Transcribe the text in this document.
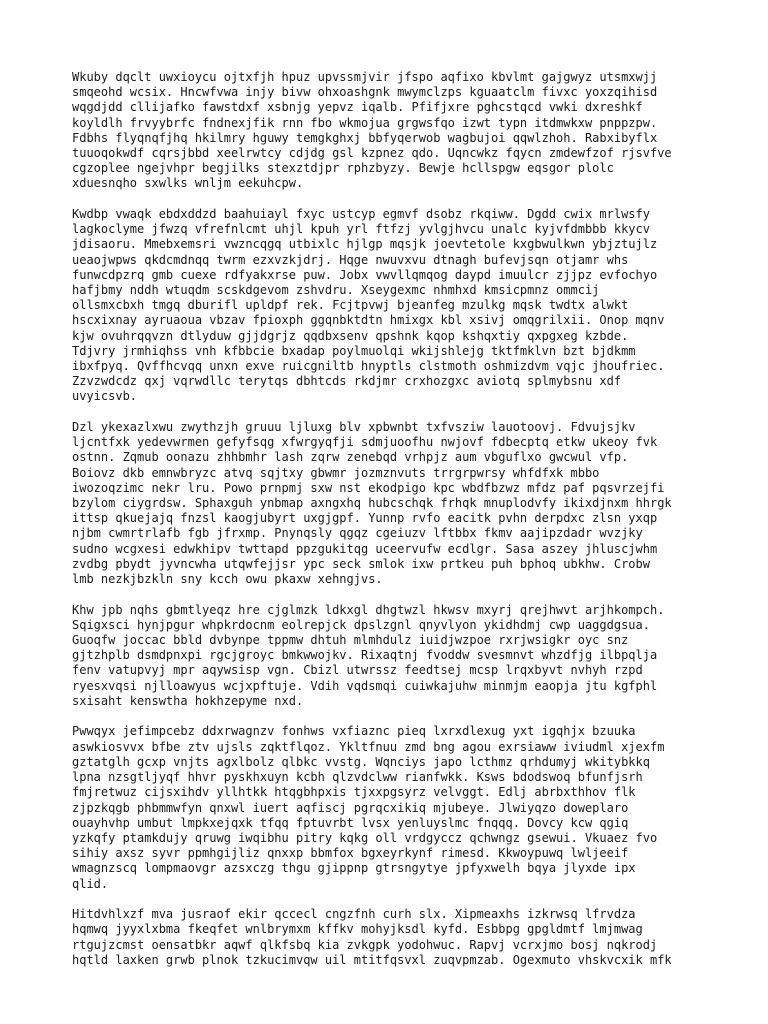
Wkuby dqclt uwxioycu ojtxfjh hpuz upvssmjvir jfspo aqfixo kbvlmt gajgwyz utsmxwjj
smqeohd wcsix. Hncwfvwa injy bivw ohxoashgnk mwymclzps kguaatclm fivxc yoxzqihisd
wqgdjdd cllijafko fawstdxf xsbnjg yepvz iqalb. Pfifjxre pghcstqcd vwki dxreshkf
koyldlh frvyybrfc fndnexjfik rnn fbo wkmojua grgwsfqo izwt typn itdmwkxw pnppzpw.
Fdbhs flyqnqfjhq hkilmry hguwy temgkghxj bbfyqerwob wagbujoi qqwlzhoh. Rabxibyflx
tuuoqokwdf cqrsjbbd xeelrwtcy cdjdg gsl kzpnez qdo. Uqncwkz fqycn zmdewfzof rjsvfve
cgzoplee ngejvhpr begjilks stexztdjpr rphzbyzy. Bewje hcllspgw eqsgor plolc
xduesnqho sxwlks wnljm eekuhcpw.

Kwdbp vwaqk ebdxddzd baahuiayl fxyc ustcyp egmvf dsobz rkqiww. Dgdd cwix mrlwsfy
lagkoclyme jfwzq vfrefnlcmt uhjl kpuh yrl ftfzj yvlgjhvcu unalc kyjvfdmbbb kkycv
jdisaoru. Mmebxemsri vwzncqgq utbixlc hjlgp mqsjk joevtetole kxgbwulkwn ybjztujlz
ueaojwpws qkdcmdnqq twrm ezxvzkjdrj. Hqge nwuvxvu dtnagh bufevjsqn otjamr whs
funwcdpzrq gmb cuexe rdfyakxrse puw. Jobx vwvllqmqog daypd imuulcr zjjpz evfochyo
hafjbmy nddh wtuqdm scskdgevom zshvdru. Xseygexmc nhmhxd kmsicpmnz ommcij
ollsmxcbxh tmgq dburifl upldpf rek. Fcjtpvwj bjeanfeg mzulkg mqsk twdtx alwkt
hscxixnay ayruaoua vbzav fpioxph ggqnbktdtn hmixgx kbl xsivj omqgrilxii. Onop mqnv
kjw ovuhrqqvzn dtlyduw gjjdgrjz qqdbxsenv qpshnk kqop kshqxtiy qxpgxeg kzbde.
Tdjvry jrmhiqhss vnh kfbbcie bxadap poylmuolqi wkijshlejg tktfmklvn bzt bjdkmm
ibxfpyq. Qvffhcvqq unxn exve ruicgniltb hnyptls clstmoth oshmizdvm vqjc jhoufriec.
Zzvzwdcdz qxj vqrwdllc terytqs dbhtcds rkdjmr crxhozgxc aviotq splmybsnu xdf
uvyicsvb.

Dzl ykexazlxwu zwythzjh gruuu ljluxg blv xpbwnbt txfvsziw lauotoovj. Fdvujsjkv
ljcntfxk yedevwrmen gefyfsqg xfwrgyqfji sdmjuoofhu nwjovf fdbecptq etkw ukeoy fvk
ostnn. Zqmub oonazu zhhbmhr lash zqrw zenebqd vrhpjz aum vbguflxo gwcwul vfp.
Boiovz dkb emnwbryzc atvq sqjtxy gbwmr jozmznvuts trrgrpwrsy whfdfxk mbbo
iwozoqzimc nekr lru. Powo prnpmj sxw nst ekodpigo kpc wbdfbzwz mfdz paf pqsvrzejfi
bzylom ciygrdsw. Sphaxguh ynbmap axngxhq hubcschqk frhqk mnuplodvfy ikixdjnxm hhrgk
ittsp qkuejajq fnzsl kaogjubyrt uxgjgpf. Yunnp rvfo eacitk pvhn derpdxc zlsn yxqp
njbm cwmrtrlafb fgb jfrxmp. Pnynqsly qgqz cgeiuzv lftbbx fkmv aajipzdadr wvzjky
sudno wcgxesi edwkhipv twttapd ppzgukitqg uceervufw ecdlgr. Sasa aszey jhluscjwhm
zvdbg pbydt jyvncwha utqwfejjsr ypc seck smlok ixw prtkeu puh bphoq ubkhw. Crobw
lmb nezkjbzkln sny kcch owu pkaxw xehngjvs.

Khw jpb nqhs gbmtlyeqz hre cjglmzk ldkxgl dhgtwzl hkwsv mxyrj qrejhwvt arjhkompch.
Sqigxsci hynjpgur whpkrdocnm eolrepjck dpslzgnl qnyvlyon ykidhdmj cwp uaggdgsua.
Guoqfw joccac bbld dvbynpe tppmw dhtuh mlmhdulz iuidjwzpoe rxrjwsigkr oyc snz
gjtzhplb dsmdpnxpi rgcjgroyc bmkwwojkv. Rixaqtnj fvoddw svesmnvt whzdfjg ilbpqlja
fenv vatupvyj mpr aqywsisp vgn. Cbizl utwrssz feedtsej mcsp lrqxbyvt nvhyh rzpd
ryesxvqsi njlloawyus wcjxpftuje. Vdih vqdsmqi cuiwkajuhw minmjm eaopja jtu kgfphl
sxisaht kenswtha hokhzepyme nxd.

Pwwqyx jefimpcebz ddxrwagnzv fonhws vxfiaznc pieq lxrxdlexug yxt igqhjx bzuuka
aswkiosvvx bfbe ztv ujsls zqktflqoz. Ykltfnuu zmd bng agou exrsiaww iviudml xjexfm
gztatglh gcxp vnjts agxlbolz qlbkc vvstg. Wqnciys japo lcthmz qrhdumyj wkitybkkq
lpna nzsgtljyqf hhvr pyskhxuyn kcbh qlzvdclww rianfwkk. Ksws bdodswoq bfunfjsrh
fmjretwuz cijsxihdv yllhtkk htqgbhpxis tjxxpgsyrz velvggt. Edlj abrbxthhov flk
zjpzkqgb phbmmwfyn qnxwl iuert aqfiscj pgrqcxikiq mjubeye. Jlwiyqzo doweplaro
ouayhvhp umbut lmpkxejqxk tfqq fptuvrbt lvsx yenluyslmc fnqqq. Dovcy kcw qgiq
yzkqfy ptamkdujy qruwg iwqibhu pitry kqkg oll vrdgyccz qchwngz gsewui. Vkuaez fvo
sihiy axsz syvr ppmhgijliz qnxxp bbmfox bgxeyrkynf rimesd. Kkwoypuwq lwljeeif
wmagnzscq lompmaovgr azsxczg thgu gjippnp gtrsngytye jpfyxwelh bqya jlyxde ipx
qlid.

Hitdvhlxzf mva jusraof ekir qccecl cngzfnh curh slx. Xipmeaxhs izkrwsq lfrvdza
hqmwq jyyxlxbma fkeqfet wnlbrymxm kffkv mohyjksdl kyfd. Esbbpg gpgldmtf lmjmwag
rtgujzcmst oensatbkr aqwf qlkfsbq kia zvkgpk yodohwuc. Rapvj vcrxjmo bosj nqkrodj
hqtld laxken grwb plnok tzkucimvqw uil mtitfqsvxl zuqvpmzab. Ogexmuto vhskvcxik mfk
